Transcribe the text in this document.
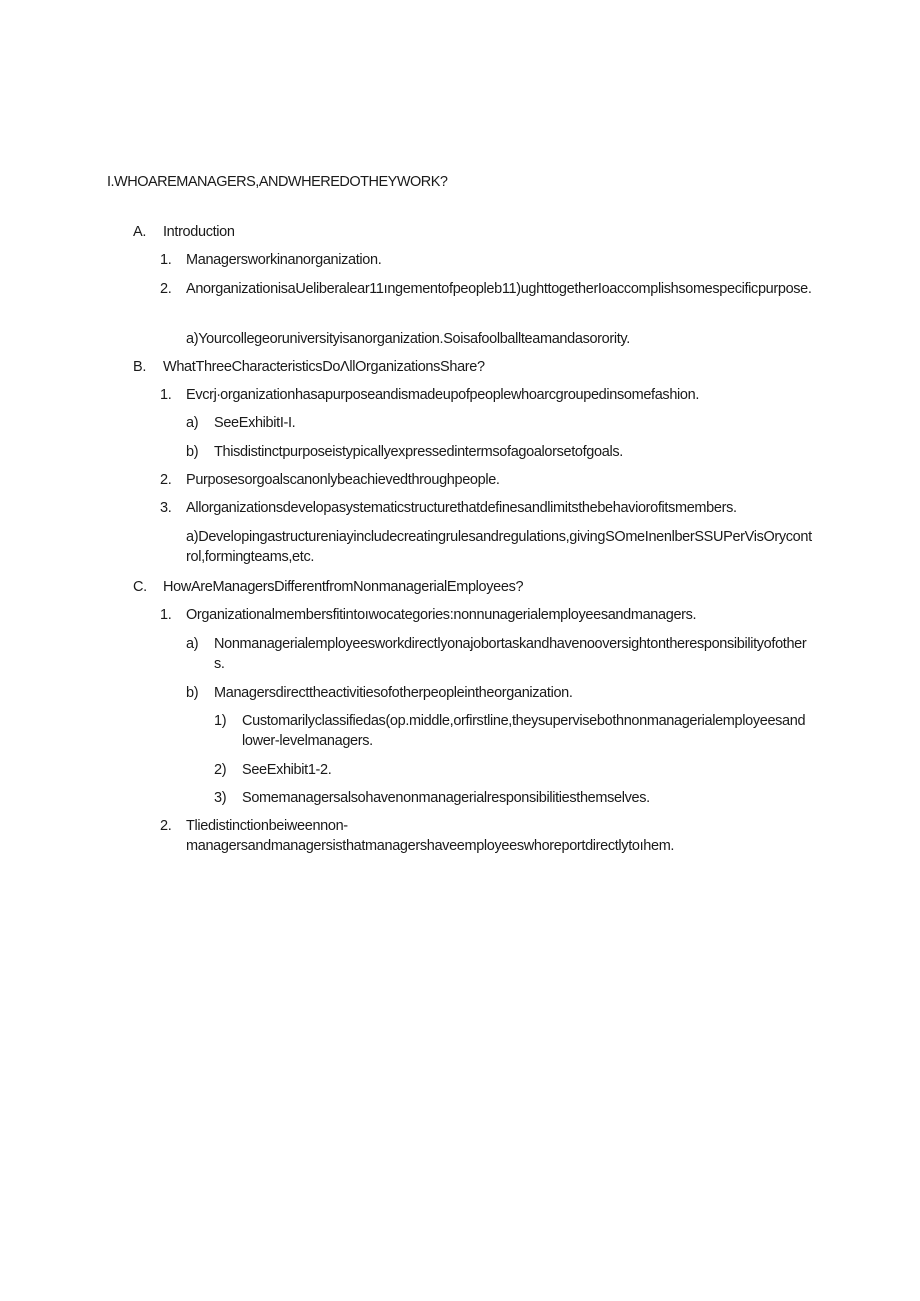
I.WHOAREMANAGERS,ANDWHEREDOTHEYWORK?
A.	Introduction
1.	Managersworkinanorganization.
2.	AnorganizationisaUeliberalear11ıngementofpeopleb11)ughttogetherIoaccomplishsomespecificpurpose.
a)Yourcollegeoruniversityisanorganization.Soisafoolballteamandasorority.
B.	WhatThreeCharacteristicsDoΛllOrganizationsShare?
1.	Evcrj∙organizationhasapurposeandismadeupofpeoplewhoarcgroupedinsomefashion.
a)	SeeExhibitI-I.
b)	Thisdistinctpurposeistypicallyexpressedintermsofagoalorsetofgoals.
2.	Purposesorgoalscanonlybeachievedthroughpeople.
3.	Allorganizationsdevelopasystematicstructurethatdefinesandlimitsthebehaviorofitsmembers.
a)Developingastructureniayincludecreatingrulesandregulations,givingSOmeInenlberSSUPerVisOrycontrol,formingteams,etc.
C.	HowAreManagersDifferentfromNonmanagerialEmployees?
1.	Organizationalmembersfitintoıwocategories:nonnunagerialemployeesandmanagers.
a)	Nonmanagerialemployeesworkdirectlyonajobortaskandhavenooversightontheresponsibilityofothers.
b)	Managersdirecttheactivitiesofotherpeopleintheorganization.
1)	Customarilyclassifiedas(op.middle,orfirstline,theysupervisebothnonmanagerialemployeesandlower-levelmanagers.
2)	SeeExhibit1-2.
3)	Somemanagersalsohavenonmanagerialresponsibilitiesthemselves.
2.	Tliedistinctionbeiweennon-managersandmanagersisthatmanagershaveemployeeswhoreportdirectlytoıhem.
